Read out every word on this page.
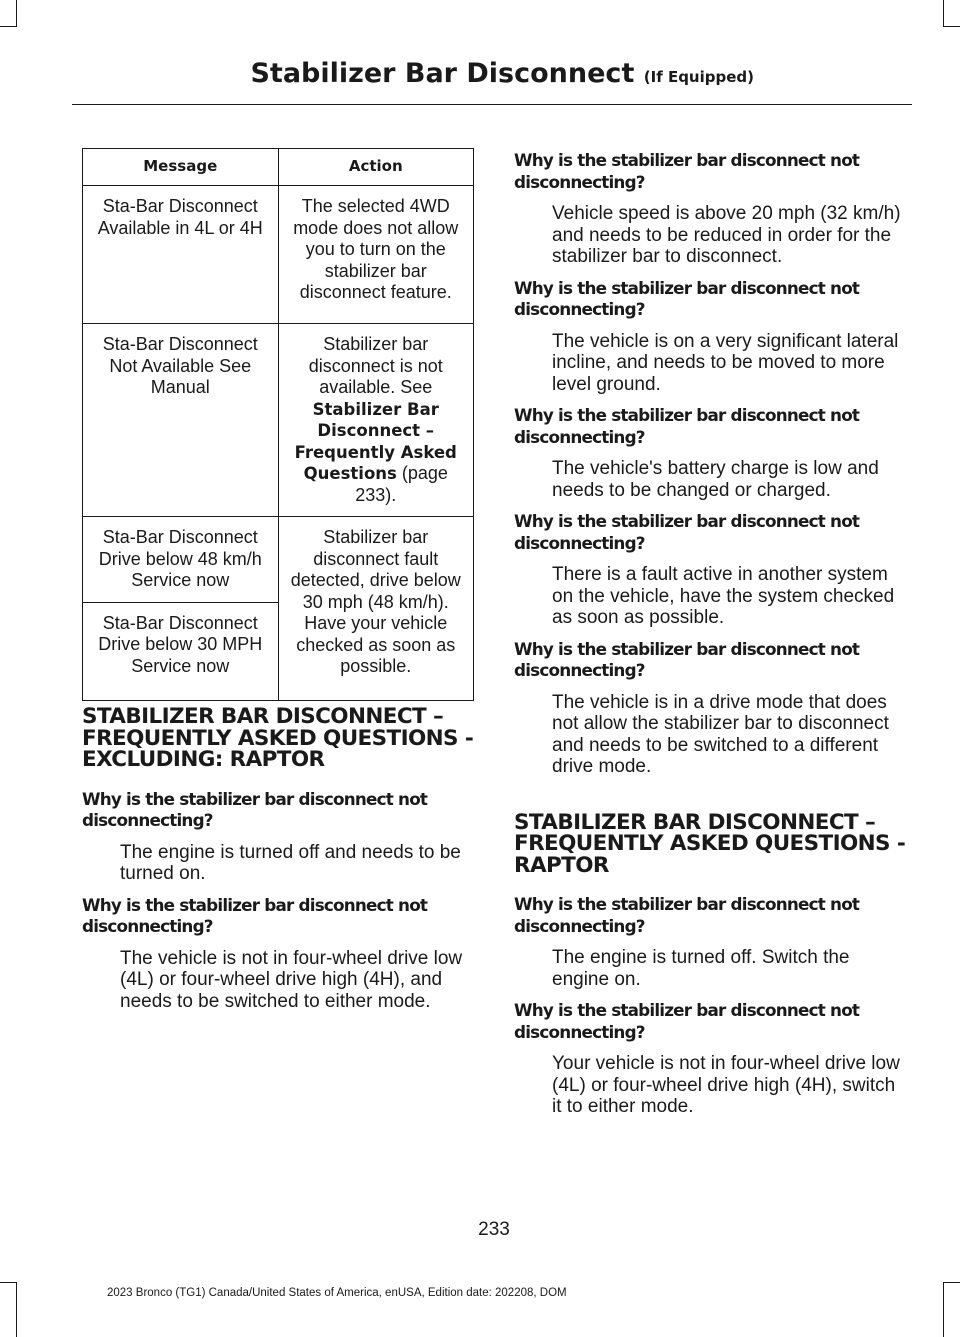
Stabilizer Bar Disconnect (If Equipped)
Message	Action
Sta-Bar Disconnect Available in 4L or 4H	The selected 4WD mode does not allow you to turn on the stabilizer bar disconnect feature.
Sta-Bar Disconnect Not Available See Manual	Stabilizer bar disconnect is not available. See Stabilizer Bar Disconnect – Frequently Asked Questions (page 233).
Sta-Bar Disconnect Drive below 48 km/h Service now	Stabilizer bar disconnect fault detected, drive below 30 mph (48 km/h). Have your vehicle checked as soon as possible.
Sta-Bar Disconnect Drive below 30 MPH Service now	
STABILIZER BAR DISCONNECT – FREQUENTLY ASKED QUESTIONS - EXCLUDING: RAPTOR
Why is the stabilizer bar disconnect not disconnecting?
The engine is turned off and needs to be turned on.
Why is the stabilizer bar disconnect not disconnecting?
The vehicle is not in four-wheel drive low (4L) or four-wheel drive high (4H), and needs to be switched to either mode.
Why is the stabilizer bar disconnect not disconnecting?
Vehicle speed is above 20 mph (32 km/h) and needs to be reduced in order for the stabilizer bar to disconnect.
Why is the stabilizer bar disconnect not disconnecting?
The vehicle is on a very significant lateral incline, and needs to be moved to more level ground.
Why is the stabilizer bar disconnect not disconnecting?
The vehicle's battery charge is low and needs to be changed or charged.
Why is the stabilizer bar disconnect not disconnecting?
There is a fault active in another system on the vehicle, have the system checked as soon as possible.
Why is the stabilizer bar disconnect not disconnecting?
The vehicle is in a drive mode that does not allow the stabilizer bar to disconnect and needs to be switched to a different drive mode.
STABILIZER BAR DISCONNECT – FREQUENTLY ASKED QUESTIONS - RAPTOR
Why is the stabilizer bar disconnect not disconnecting?
The engine is turned off. Switch the engine on.
Why is the stabilizer bar disconnect not disconnecting?
Your vehicle is not in four-wheel drive low (4L) or four-wheel drive high (4H), switch it to either mode.
233
2023 Bronco (TG1) Canada/United States of America, enUSA, Edition date: 202208, DOM
